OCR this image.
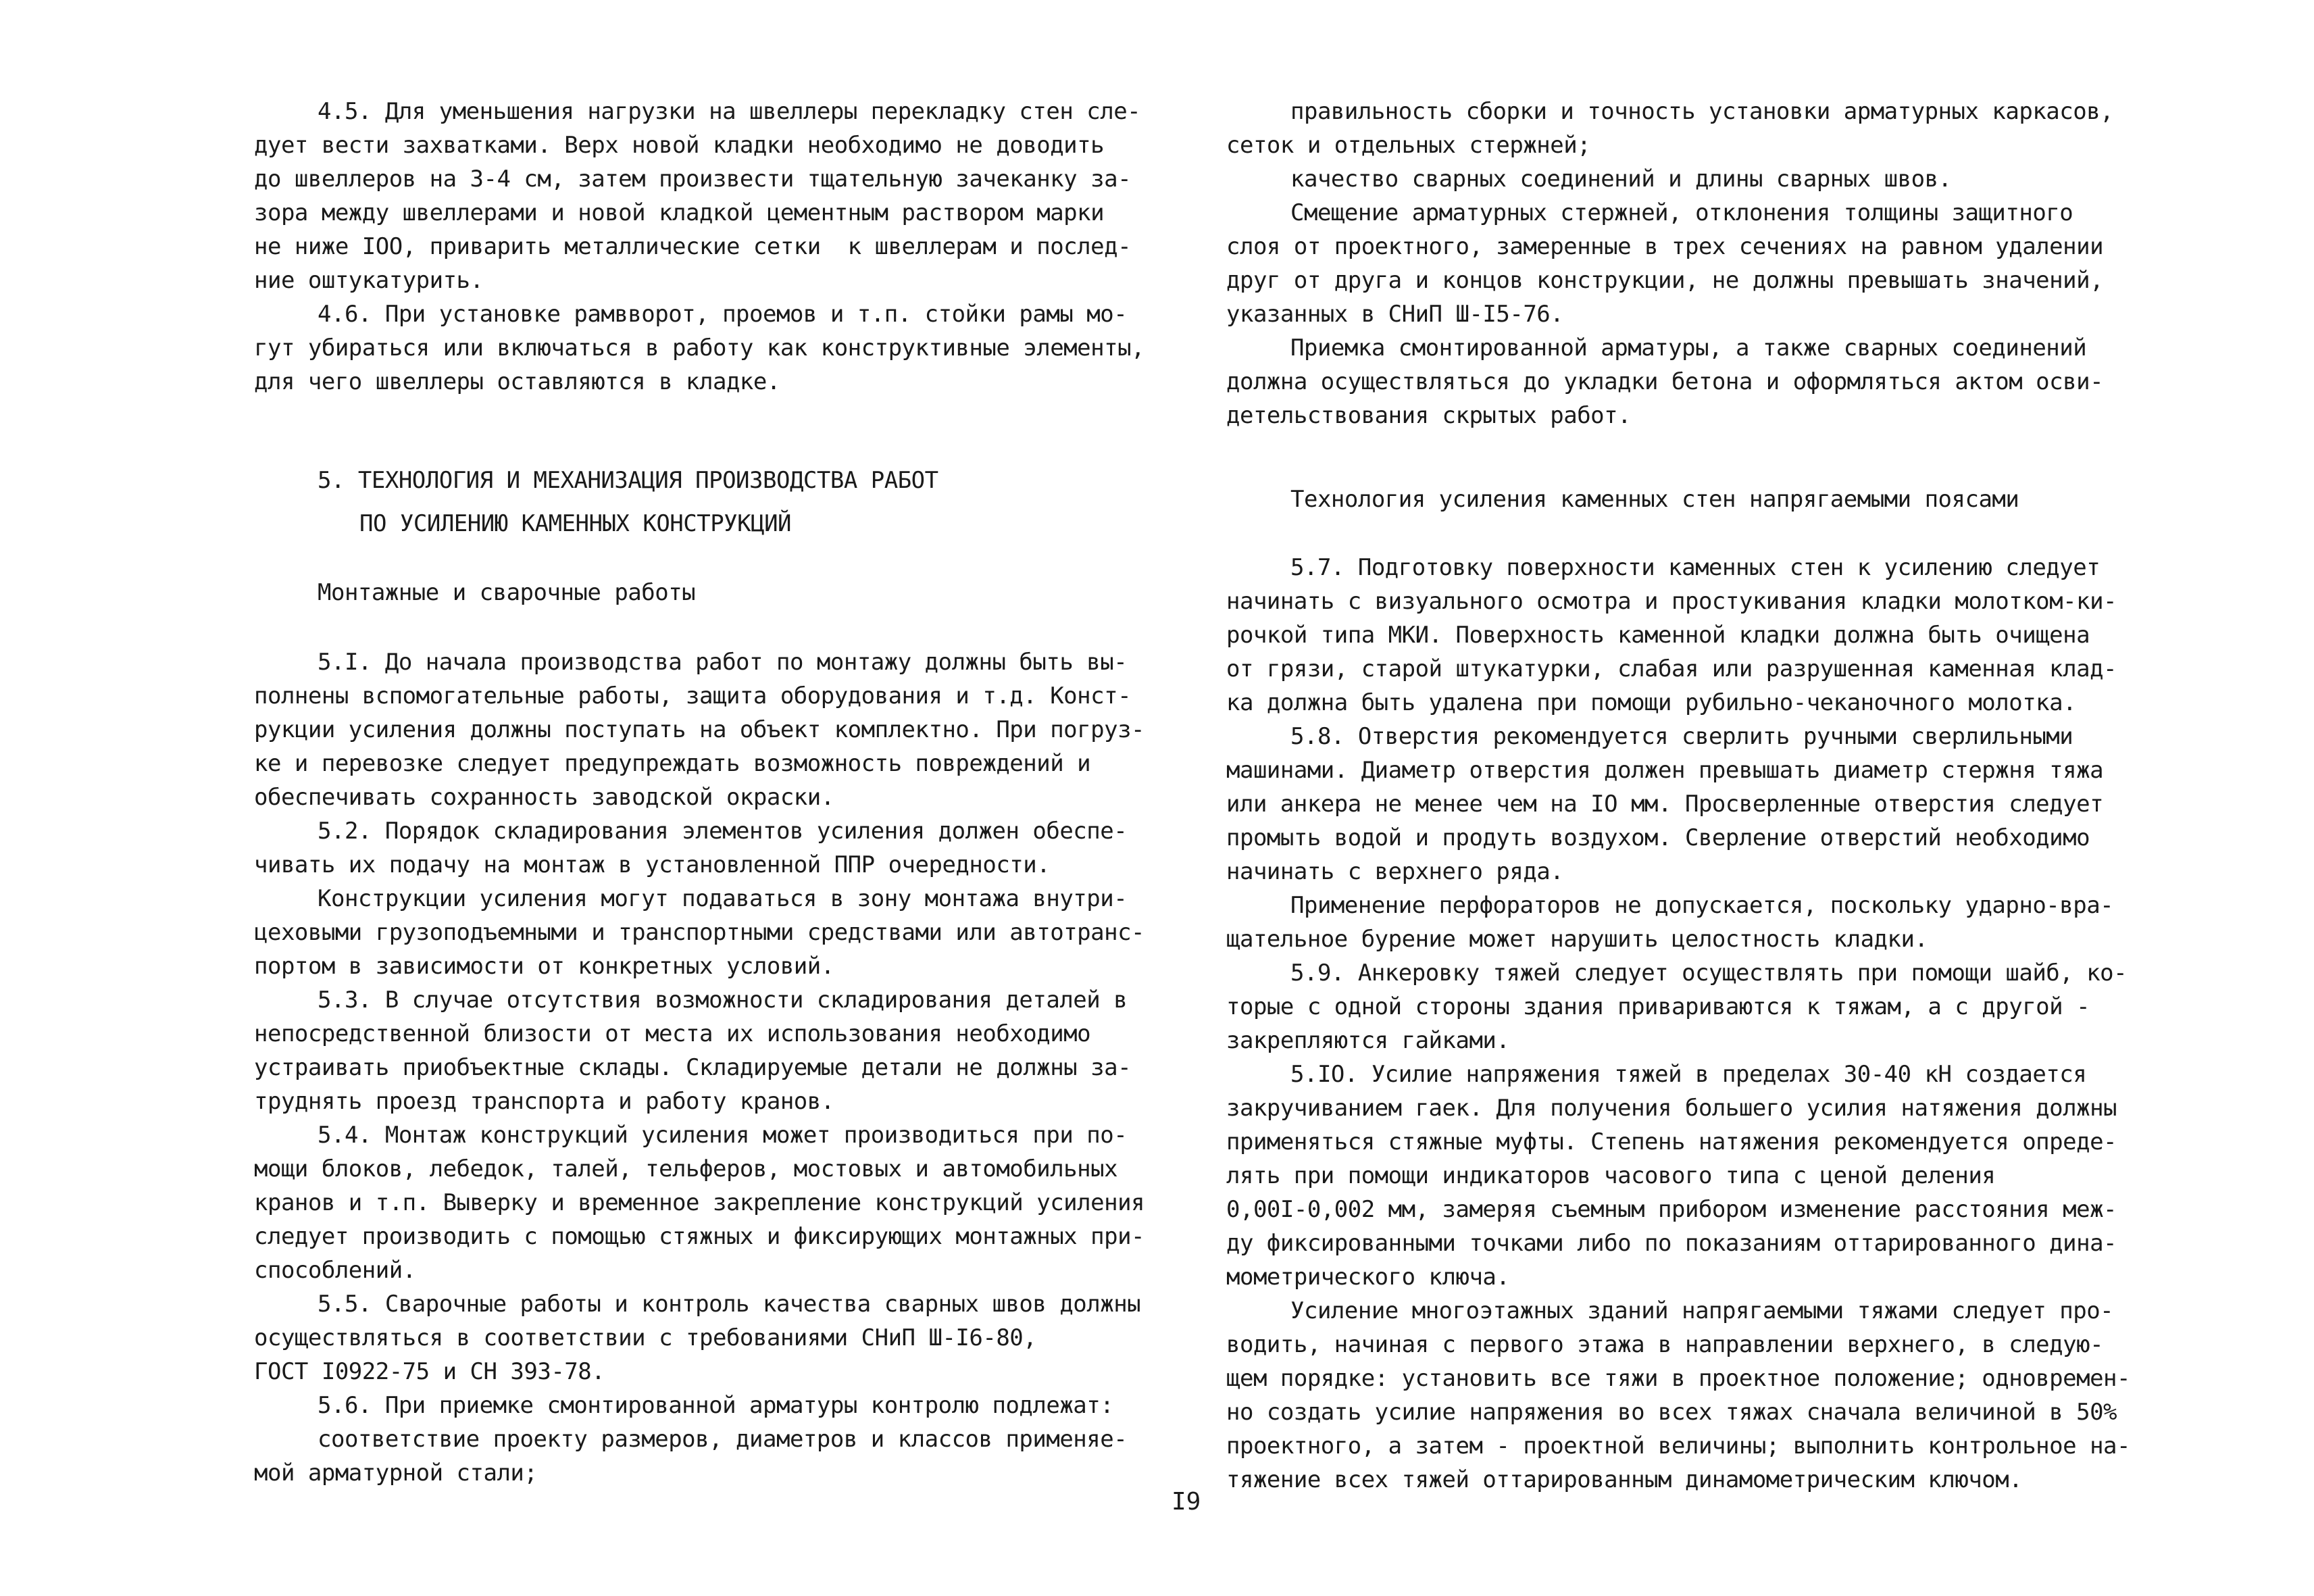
4.5. Для уменьшения нагрузки на швеллеры перекладку стен сле-
дует вести захватками. Верх новой кладки необходимо не доводить
до швеллеров на 3-4 см, затем произвести тщательную зачеканку за-
зора между швеллерами и новой кладкой цементным раствором марки
не ниже IOO, приварить металлические сетки  к швеллерам и послед-
ние оштукатурить.
4.6. При установке рамвворот, проемов и т.п. стойки рамы мо-
гут убираться или включаться в работу как конструктивные элементы,
для чего швеллеры оставляются в кладке.
5. ТЕХНОЛОГИЯ И МЕХАНИЗАЦИЯ ПРОИЗВОДСТВА РАБОТ
ПО УСИЛЕНИЮ КАМЕННЫХ КОНСТРУКЦИЙ
Монтажные и сварочные работы
5.I. До начала производства работ по монтажу должны быть вы-
полнены вспомогательные работы, защита оборудования и т.д. Конст-
рукции усиления должны поступать на объект комплектно. При погруз-
ке и перевозке следует предупреждать возможность повреждений и
обеспечивать сохранность заводской окраски.
5.2. Порядок складирования элементов усиления должен обеспе-
чивать их подачу на монтаж в установленной ППР очередности.
Конструкции усиления могут подаваться в зону монтажа внутри-
цеховыми грузоподъемными и транспортными средствами или автотранс-
портом в зависимости от конкретных условий.
5.3. В случае отсутствия возможности складирования деталей в
непосредственной близости от места их использования необходимо
устраивать приобъектные склады. Складируемые детали не должны за-
труднять проезд транспорта и работу кранов.
5.4. Монтаж конструкций усиления может производиться при по-
мощи блоков, лебедок, талей, тельферов, мостовых и автомобильных
кранов и т.п. Выверку и временное закрепление конструкций усиления
следует производить с помощью стяжных и фиксирующих монтажных при-
способлений.
5.5. Сварочные работы и контроль качества сварных швов должны
осуществляться в соответствии с требованиями СНиП Ш-I6-80,
ГОСТ I0922-75 и СН 393-78.
5.6. При приемке смонтированной арматуры контролю подлежат:
соответствие проекту размеров, диаметров и классов применяе-
мой арматурной стали;
правильность сборки и точность установки арматурных каркасов,
сеток и отдельных стержней;
качество сварных соединений и длины сварных швов.
Смещение арматурных стержней, отклонения толщины защитного
слоя от проектного, замеренные в трех сечениях на равном удалении
друг от друга и концов конструкции, не должны превышать значений,
указанных в СНиП Ш-I5-76.
Приемка смонтированной арматуры, а также сварных соединений
должна осуществляться до укладки бетона и оформляться актом осви-
детельствования скрытых работ.
Технология усиления каменных стен напрягаемыми поясами
5.7. Подготовку поверхности каменных стен к усилению следует
начинать с визуального осмотра и простукивания кладки молотком-ки-
рочкой типа МКИ. Поверхность каменной кладки должна быть очищена
от грязи, старой штукатурки, слабая или разрушенная каменная клад-
ка должна быть удалена при помощи рубильно-чеканочного молотка.
5.8. Отверстия рекомендуется сверлить ручными сверлильными
машинами. Диаметр отверстия должен превышать диаметр стержня тяжа
или анкера не менее чем на IO мм. Просверленные отверстия следует
промыть водой и продуть воздухом. Сверление отверстий необходимо
начинать с верхнего ряда.
Применение перфораторов не допускается, поскольку ударно-вра-
щательное бурение может нарушить целостность кладки.
5.9. Анкеровку тяжей следует осуществлять при помощи шайб, ко-
торые с одной стороны здания привариваются к тяжам, а с другой -
закрепляются гайками.
5.IO. Усилие напряжения тяжей в пределах 30-40 кН создается
закручиванием гаек. Для получения большего усилия натяжения должны
применяться стяжные муфты. Степень натяжения рекомендуется опреде-
лять при помощи индикаторов часового типа с ценой деления
0,00I-0,002 мм, замеряя съемным прибором изменение расстояния меж-
ду фиксированными точками либо по показаниям оттарированного дина-
мометрического ключа.
Усиление многоэтажных зданий напрягаемыми тяжами следует про-
водить, начиная с первого этажа в направлении верхнего, в следую-
щем порядке: установить все тяжи в проектное положение; одновремен-
но создать усилие напряжения во всех тяжах сначала величиной в 50%
проектного, а затем - проектной величины; выполнить контрольное на-
тяжение всех тяжей оттарированным динамометрическим ключом.
I9
